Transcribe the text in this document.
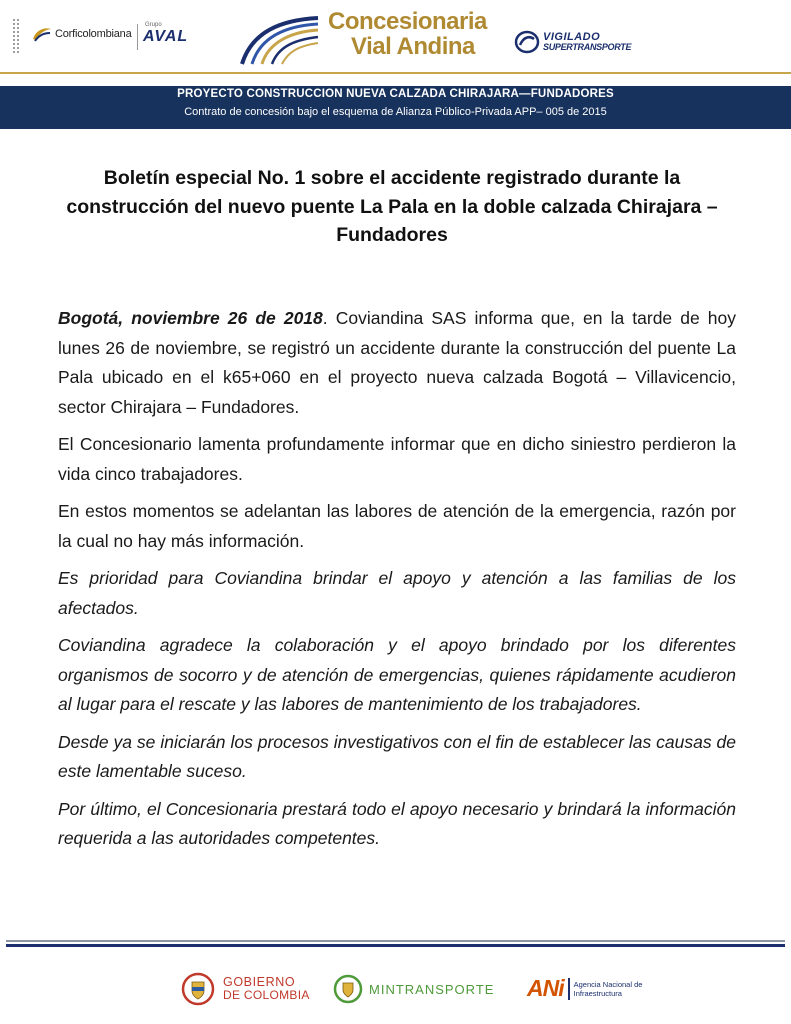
Corficolombiana
Grupo
AVAL
Concesionaria
Vial Andina	VIGILADO
SUPERTRANSPORTE
PROYECTO CONSTRUCCION NUEVA CALZADA CHIRAJARA—FUNDADORES
Contrato de concesión bajo el esquema de Alianza Público-Privada APP– 005 de 2015
Boletín especial No. 1 sobre el accidente registrado durante la construcción del nuevo puente La Pala en la doble calzada Chirajara – Fundadores

Bogotá, noviembre 26 de 2018. Coviandina SAS informa que, en la tarde de hoy lunes 26 de noviembre, se registró un accidente durante la construcción del puente La Pala ubicado en el k65+060 en el proyecto nueva calzada Bogotá – Villavicencio, sector Chirajara – Fundadores.

El Concesionario lamenta profundamente informar que en dicho siniestro perdieron la vida cinco trabajadores.

En estos momentos se adelantan las labores de atención de la emergencia, razón por la cual no hay más información.

Es prioridad para Coviandina brindar el apoyo y atención a las familias de los afectados.

Coviandina agradece la colaboración y el apoyo brindado por los diferentes organismos de socorro y de atención de emergencias, quienes rápidamente acudieron al lugar para el rescate y las labores de mantenimiento de los trabajadores.

Desde ya se iniciarán los procesos investigativos con el fin de establecer las causas de este lamentable suceso.

Por último, el Concesionaria prestará todo el apoyo necesario y brindará la información requerida a las autoridades competentes.

GOBIERNO
DE COLOMBIA	MINTRANSPORTE ANi Agencia Nacional de
Infraestructura
